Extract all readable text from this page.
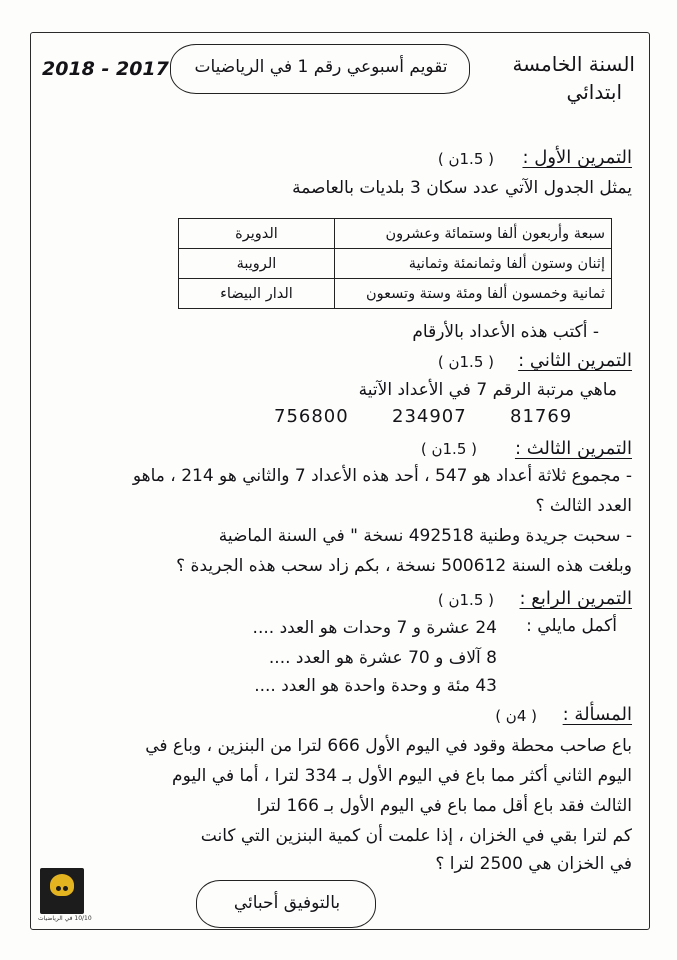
2018 - 2017	السنة الخامسة
ابتدائي
تقويم أسبوعي رقم 1 في الرياضيات
التمرين الأول :
( 1.5ن )
يمثل الجدول الآتي عدد سكان 3 بلديات بالعاصمة
سبعة وأربعون ألفا وستمائة وعشرون	الدويرة
إثنان وستون ألفا وثمانمئة وثمانية	الرويبة
ثمانية وخمسون ألفا ومئة وستة وتسعون	الدار البيضاء
- أكتب هذه الأعداد بالأرقام
التمرين الثاني :
( 1.5ن )
ماهي مرتبة الرقم 7 في الأعداد الآتية
756800 234907 81769
التمرين الثالث :
( 1.5ن )
- مجموع ثلاثة أعداد هو 547 ، أحد هذه الأعداد 7 والثاني هو 214 ، ماهو
العدد الثالث ؟
- سحبت جريدة وطنية 492518 نسخة " في السنة الماضية
وبلغت هذه السنة 500612 نسخة ، بكم زاد سحب هذه الجريدة ؟
التمرين الرابع :
( 1.5ن )
أكمل مايلي :
24 عشرة و 7 وحدات هو العدد ....
8 آلاف و 70 عشرة هو العدد ....
43 مئة و وحدة واحدة هو العدد ....
المسألة :
( 4ن )
باع صاحب محطة وقود في اليوم الأول 666 لترا من البنزين ، وباع في
اليوم الثاني أكثر مما باع في اليوم الأول بـ 334 لترا ، أما في اليوم
الثالث فقد باع أقل مما باع في اليوم الأول بـ 166 لترا
كم لترا بقي في الخزان ، إذا علمت أن كمية البنزين التي كانت
في الخزان هي 2500 لترا ؟
بالتوفيق أحبائي
10/10 في الرياضيات
